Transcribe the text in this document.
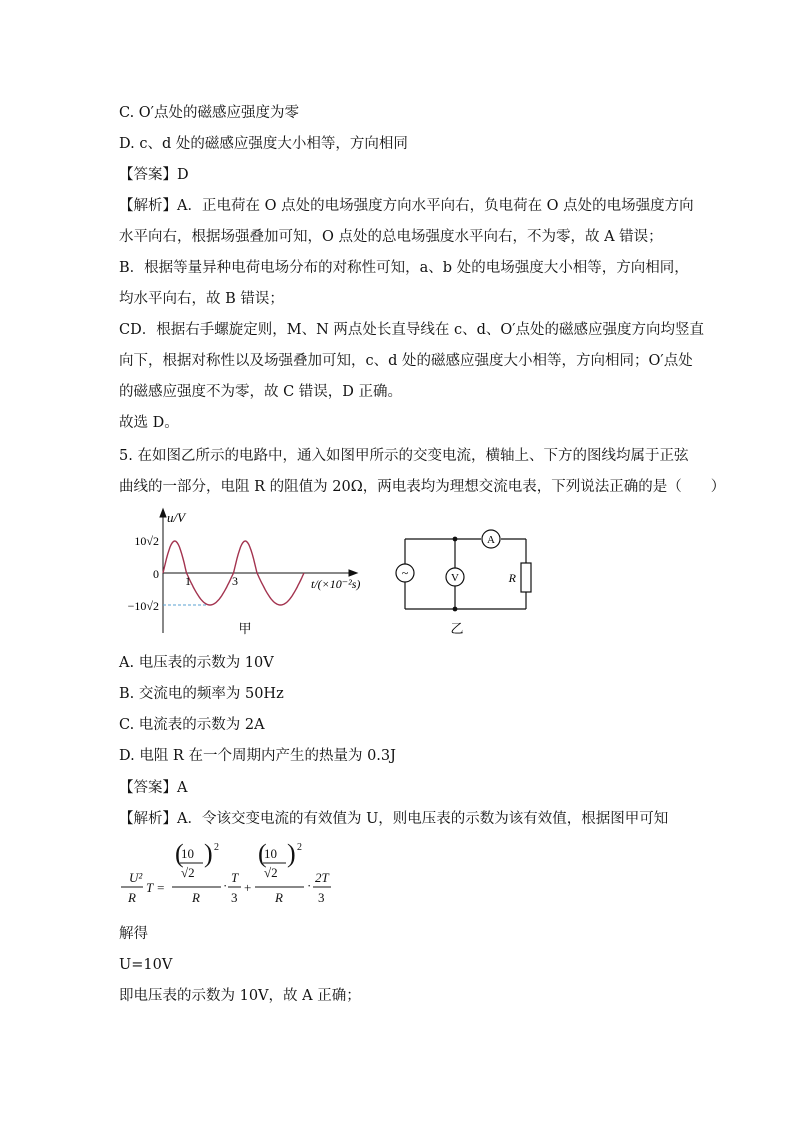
C. O′点处的磁感应强度为零
D. c、d 处的磁感应强度大小相等，方向相同
【答案】D
【解析】A．正电荷在 O 点处的电场强度方向水平向右，负电荷在 O 点处的电场强度方向
水平向右，根据场强叠加可知，O 点处的总电场强度水平向右，不为零，故 A 错误；
B．根据等量异种电荷电场分布的对称性可知，a、b 处的电场强度大小相等，方向相同，
均水平向右，故 B 错误；
CD．根据右手螺旋定则，M、N 两点处长直导线在 c、d、O′点处的磁感应强度方向均竖直
向下，根据对称性以及场强叠加可知，c、d 处的磁感应强度大小相等，方向相同；O′点处
的磁感应强度不为零，故 C 错误，D 正确。
故选 D。
5. 在如图乙所示的电路中，通入如图甲所示的交变电流，横轴上、下方的图线均属于正弦
曲线的一部分，电阻 R 的阻值为 20Ω，两电表均为理想交流电表，下列说法正确的是（　　）
u/V
10√2
0
−10√2
1	3	t/(×10⁻²s)
甲
~	V
A
R
乙
A. 电压表的示数为 10V
B. 交流电的频率为 50Hz
C. 电流表的示数为 2A
D. 电阻 R 在一个周期内产生的热量为 0.3J
【答案】A
【解析】A．令该交变电流的有效值为 U，则电压表的示数为该有效值，根据图甲可知
U²
R
T =
(
10
√2
) 2
R
·
T
3
+
(
10
√2
) 2
R
·
2T
3
解得
U=10V
即电压表的示数为 10V，故 A 正确；
